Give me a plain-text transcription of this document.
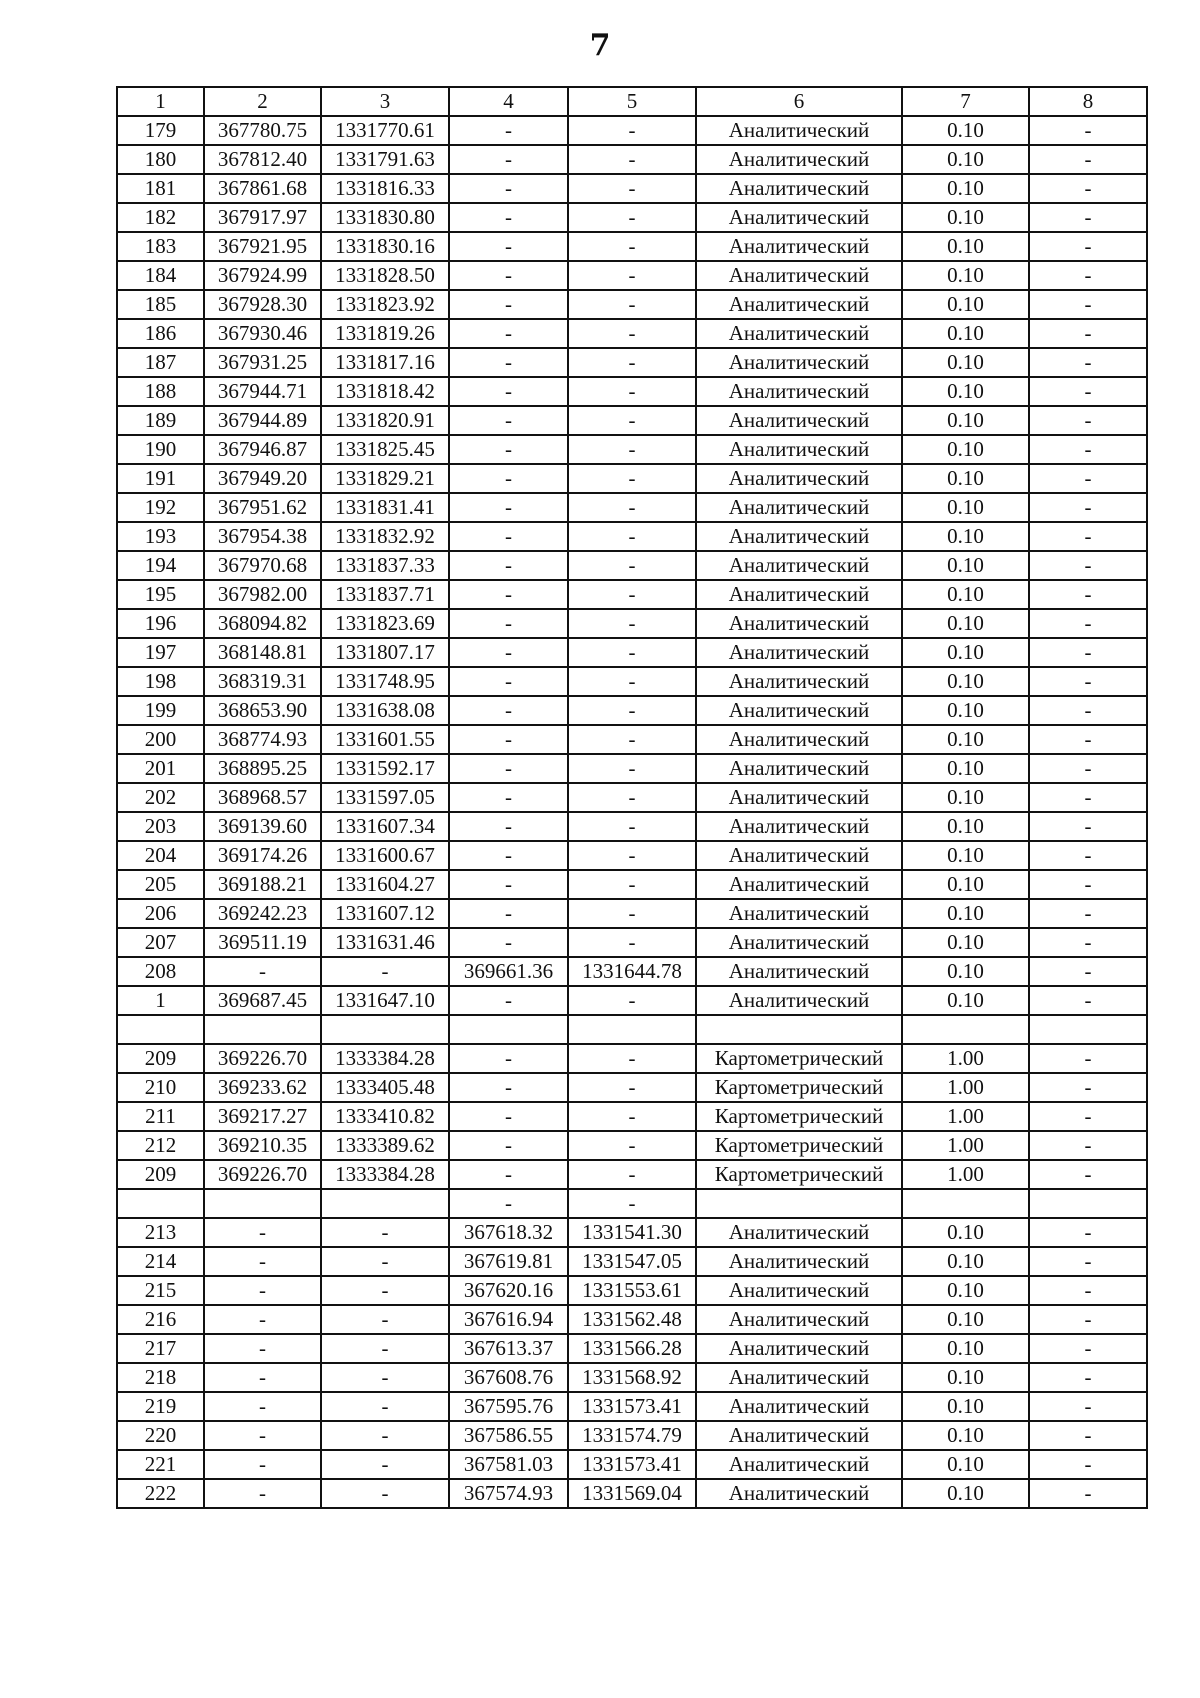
7
1	2	3	4	5	6	7	8
179	367780.75	1331770.61	-	-	Аналитический	0.10	-
180	367812.40	1331791.63	-	-	Аналитический	0.10	-
181	367861.68	1331816.33	-	-	Аналитический	0.10	-
182	367917.97	1331830.80	-	-	Аналитический	0.10	-
183	367921.95	1331830.16	-	-	Аналитический	0.10	-
184	367924.99	1331828.50	-	-	Аналитический	0.10	-
185	367928.30	1331823.92	-	-	Аналитический	0.10	-
186	367930.46	1331819.26	-	-	Аналитический	0.10	-
187	367931.25	1331817.16	-	-	Аналитический	0.10	-
188	367944.71	1331818.42	-	-	Аналитический	0.10	-
189	367944.89	1331820.91	-	-	Аналитический	0.10	-
190	367946.87	1331825.45	-	-	Аналитический	0.10	-
191	367949.20	1331829.21	-	-	Аналитический	0.10	-
192	367951.62	1331831.41	-	-	Аналитический	0.10	-
193	367954.38	1331832.92	-	-	Аналитический	0.10	-
194	367970.68	1331837.33	-	-	Аналитический	0.10	-
195	367982.00	1331837.71	-	-	Аналитический	0.10	-
196	368094.82	1331823.69	-	-	Аналитический	0.10	-
197	368148.81	1331807.17	-	-	Аналитический	0.10	-
198	368319.31	1331748.95	-	-	Аналитический	0.10	-
199	368653.90	1331638.08	-	-	Аналитический	0.10	-
200	368774.93	1331601.55	-	-	Аналитический	0.10	-
201	368895.25	1331592.17	-	-	Аналитический	0.10	-
202	368968.57	1331597.05	-	-	Аналитический	0.10	-
203	369139.60	1331607.34	-	-	Аналитический	0.10	-
204	369174.26	1331600.67	-	-	Аналитический	0.10	-
205	369188.21	1331604.27	-	-	Аналитический	0.10	-
206	369242.23	1331607.12	-	-	Аналитический	0.10	-
207	369511.19	1331631.46	-	-	Аналитический	0.10	-
208	-	-	369661.36	1331644.78	Аналитический	0.10	-
1	369687.45	1331647.10	-	-	Аналитический	0.10	-

209	369226.70	1333384.28	-	-	Картометрический	1.00	-
210	369233.62	1333405.48	-	-	Картометрический	1.00	-
211	369217.27	1333410.82	-	-	Картометрический	1.00	-
212	369210.35	1333389.62	-	-	Картометрический	1.00	-
209	369226.70	1333384.28	-	-	Картометрический	1.00	-
			-	-			
213	-	-	367618.32	1331541.30	Аналитический	0.10	-
214	-	-	367619.81	1331547.05	Аналитический	0.10	-
215	-	-	367620.16	1331553.61	Аналитический	0.10	-
216	-	-	367616.94	1331562.48	Аналитический	0.10	-
217	-	-	367613.37	1331566.28	Аналитический	0.10	-
218	-	-	367608.76	1331568.92	Аналитический	0.10	-
219	-	-	367595.76	1331573.41	Аналитический	0.10	-
220	-	-	367586.55	1331574.79	Аналитический	0.10	-
221	-	-	367581.03	1331573.41	Аналитический	0.10	-
222	-	-	367574.93	1331569.04	Аналитический	0.10	-
